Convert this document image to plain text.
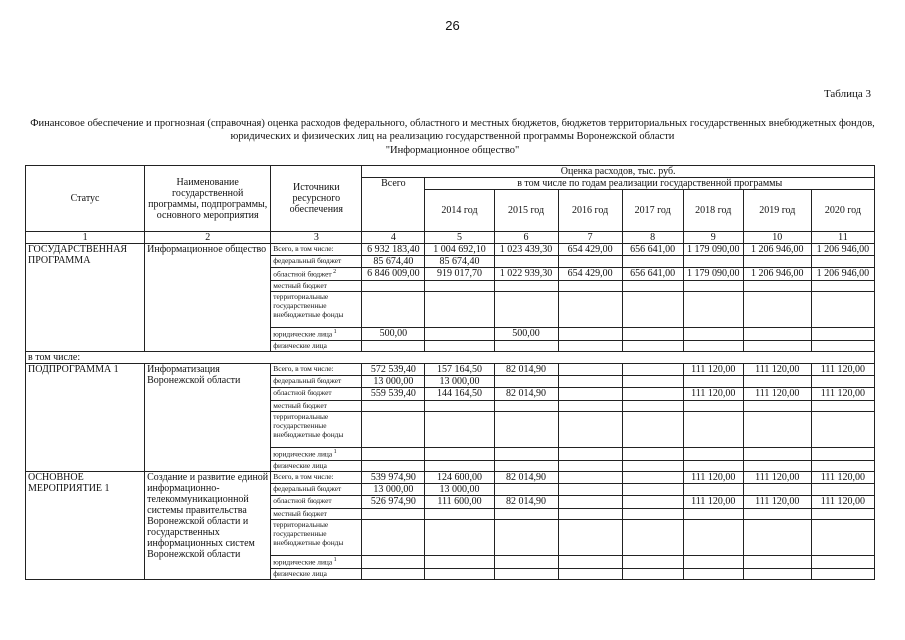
26
Таблица 3
Финансовое обеспечение и прогнозная (справочная) оценка расходов федерального, областного и местных бюджетов, бюджетов территориальных государственных внебюджетных фондов, юридических и физических лиц на реализацию государственной программы Воронежской области
"Информационное общество"
Статус	Наименование государственной программы, подпрограммы, основного мероприятия	Источники ресурсного обеспечения	Оценка расходов, тыс. руб.							
			Всего	в том числе по годам реализации государственной программы						
				2014 год	2015 год	2016 год	2017 год	2018 год	2019 год	2020 год
1	2	3	4	5	6	7	8	9	10	11
ГОСУДАРСТВЕННАЯ ПРОГРАММА	Информационное общество	Всего, в том числе:	6 932 183,40	1 004 692,10	1 023 439,30	654 429,00	656 641,00	1 179 090,00	1 206 946,00	1 206 946,00
		федеральный бюджет	85 674,40	85 674,40						
		областной бюджет $^2$	6 846 009,00	919 017,70	1 022 939,30	654 429,00	656 641,00	1 179 090,00	1 206 946,00	1 206 946,00
		местный бюджет								
		территориальные государственные внебюджетные фонды								
		юридические лица $^1$	500,00		500,00					
		физические лица								
в том числе:										
ПОДПРОГРАММА 1	Информатизация Воронежской области	Всего, в том числе:	572 539,40	157 164,50	82 014,90			111 120,00	111 120,00	111 120,00
		федеральный бюджет	13 000,00	13 000,00						
		областной бюджет	559 539,40	144 164,50	82 014,90			111 120,00	111 120,00	111 120,00
		местный бюджет								
		территориальные государственные внебюджетные фонды								
		юридические лица $^1$								
		физические лица								
ОСНОВНОЕ МЕРОПРИЯТИЕ 1	Создание и развитие единой информационно-телекоммуникационной системы правительства Воронежской области и государственных информационных систем Воронежской области	Всего, в том числе:	539 974,90	124 600,00	82 014,90			111 120,00	111 120,00	111 120,00
		федеральный бюджет	13 000,00	13 000,00						
		областной бюджет	526 974,90	111 600,00	82 014,90			111 120,00	111 120,00	111 120,00
		местный бюджет								
		территориальные государственные внебюджетные фонды								
		юридические лица $^1$								
		физические лица								
